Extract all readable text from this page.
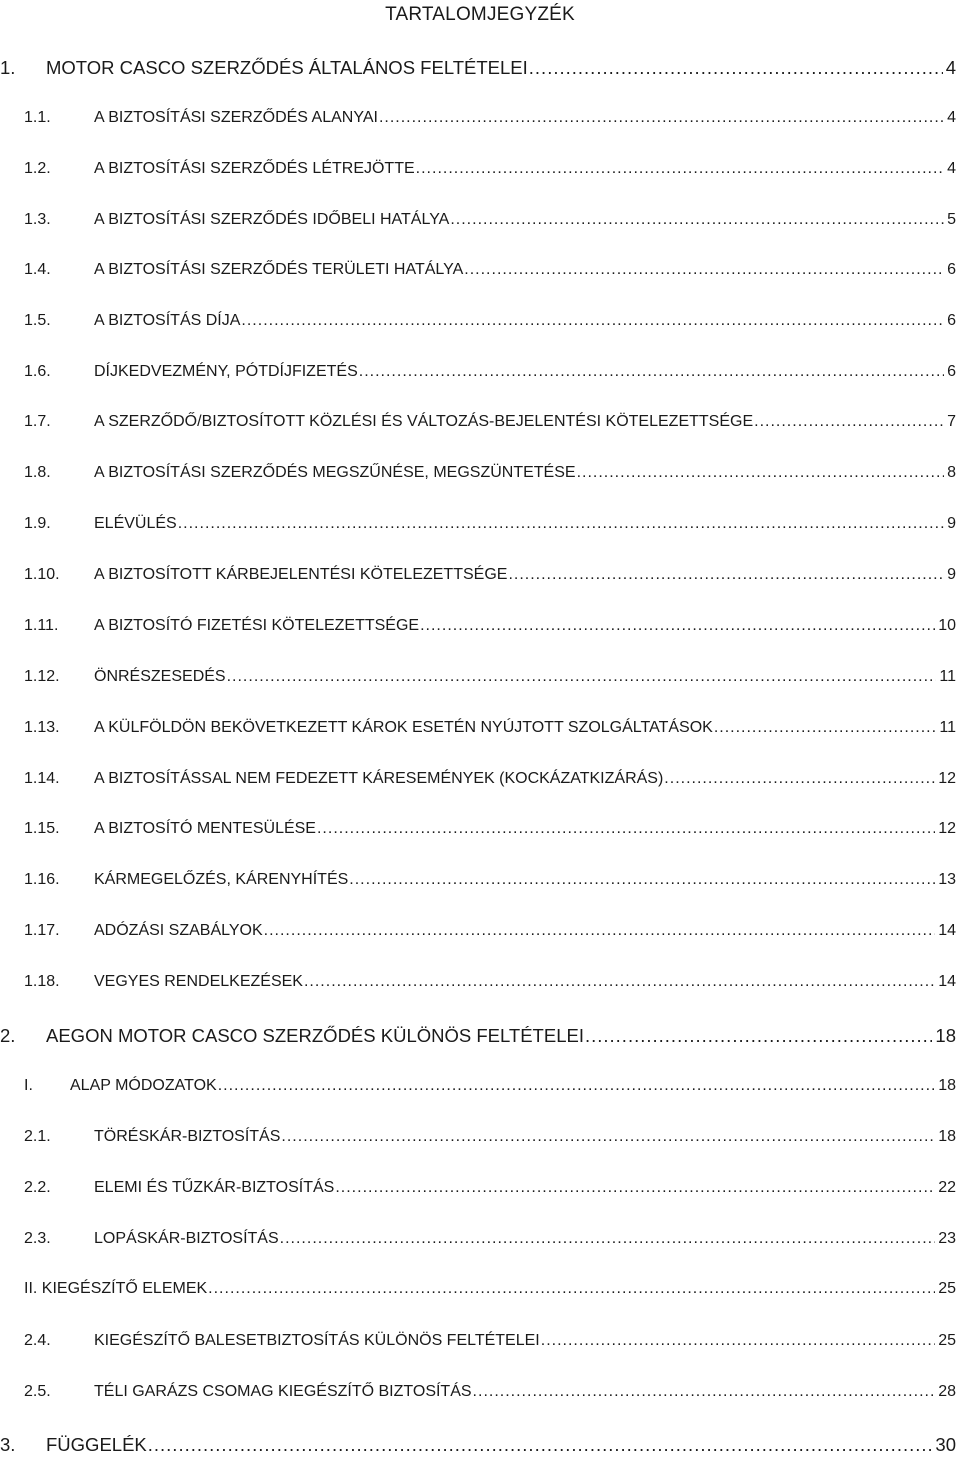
TARTALOMJEGYZÉK
1.	MOTOR CASCO SZERZŐDÉS ÁLTALÁNOS FELTÉTELEI .....	4
1.1.	A BIZTOSÍTÁSI SZERZŐDÉS ALANYAI .....	4
1.2.	A BIZTOSÍTÁSI SZERZŐDÉS LÉTREJÖTTE .....	4
1.3.	A BIZTOSÍTÁSI SZERZŐDÉS IDŐBELI HATÁLYA .....	5
1.4.	A BIZTOSÍTÁSI SZERZŐDÉS TERÜLETI HATÁLYA .....	6
1.5.	A BIZTOSÍTÁS DÍJA .....	6
1.6.	DÍJKEDVEZMÉNY, PÓTDÍJFIZETÉS .....	6
1.7.	A SZERZŐDŐ/BIZTOSÍTOTT KÖZLÉSI ÉS VÁLTOZÁS-BEJELENTÉSI KÖTELEZETTSÉGE .....	7
1.8.	A BIZTOSÍTÁSI SZERZŐDÉS MEGSZŰNÉSE, MEGSZÜNTETÉSE .....	8
1.9.	ELÉVÜLÉS .....	9
1.10.	A BIZTOSÍTOTT KÁRBEJELENTÉSI KÖTELEZETTSÉGE .....	9
1.11.	A BIZTOSÍTÓ FIZETÉSI KÖTELEZETTSÉGE .....	10
1.12.	ÖNRÉSZESEDÉS .....	11
1.13.	A KÜLFÖLDÖN BEKÖVETKEZETT KÁROK ESETÉN NYÚJTOTT SZOLGÁLTATÁSOK .....	11
1.14.	A BIZTOSÍTÁSSAL NEM FEDEZETT KÁRESEMÉNYEK (KOCKÁZATKIZÁRÁS) .....	12
1.15.	A BIZTOSÍTÓ MENTESÜLÉSE .....	12
1.16.	KÁRMEGELŐZÉS, KÁRENYHÍTÉS .....	13
1.17.	ADÓZÁSI SZABÁLYOK .....	14
1.18.	VEGYES RENDELKEZÉSEK .....	14
2.	AEGON MOTOR CASCO SZERZŐDÉS KÜLÖNÖS FELTÉTELEI .....	18
I.	ALAP MÓDOZATOK .....	18
2.1.	TÖRÉSKÁR-BIZTOSÍTÁS .....	18
2.2.	ELEMI ÉS TŰZKÁR-BIZTOSÍTÁS .....	22
2.3.	LOPÁSKÁR-BIZTOSÍTÁS .....	23
II. KIEGÉSZÍTŐ ELEMEK .....	25
2.4.	KIEGÉSZÍTŐ BALESETBIZTOSÍTÁS KÜLÖNÖS FELTÉTELEI .....	25
2.5.	TÉLI GARÁZS CSOMAG KIEGÉSZÍTŐ BIZTOSÍTÁS .....	28
3.	FÜGGELÉK .....	30
